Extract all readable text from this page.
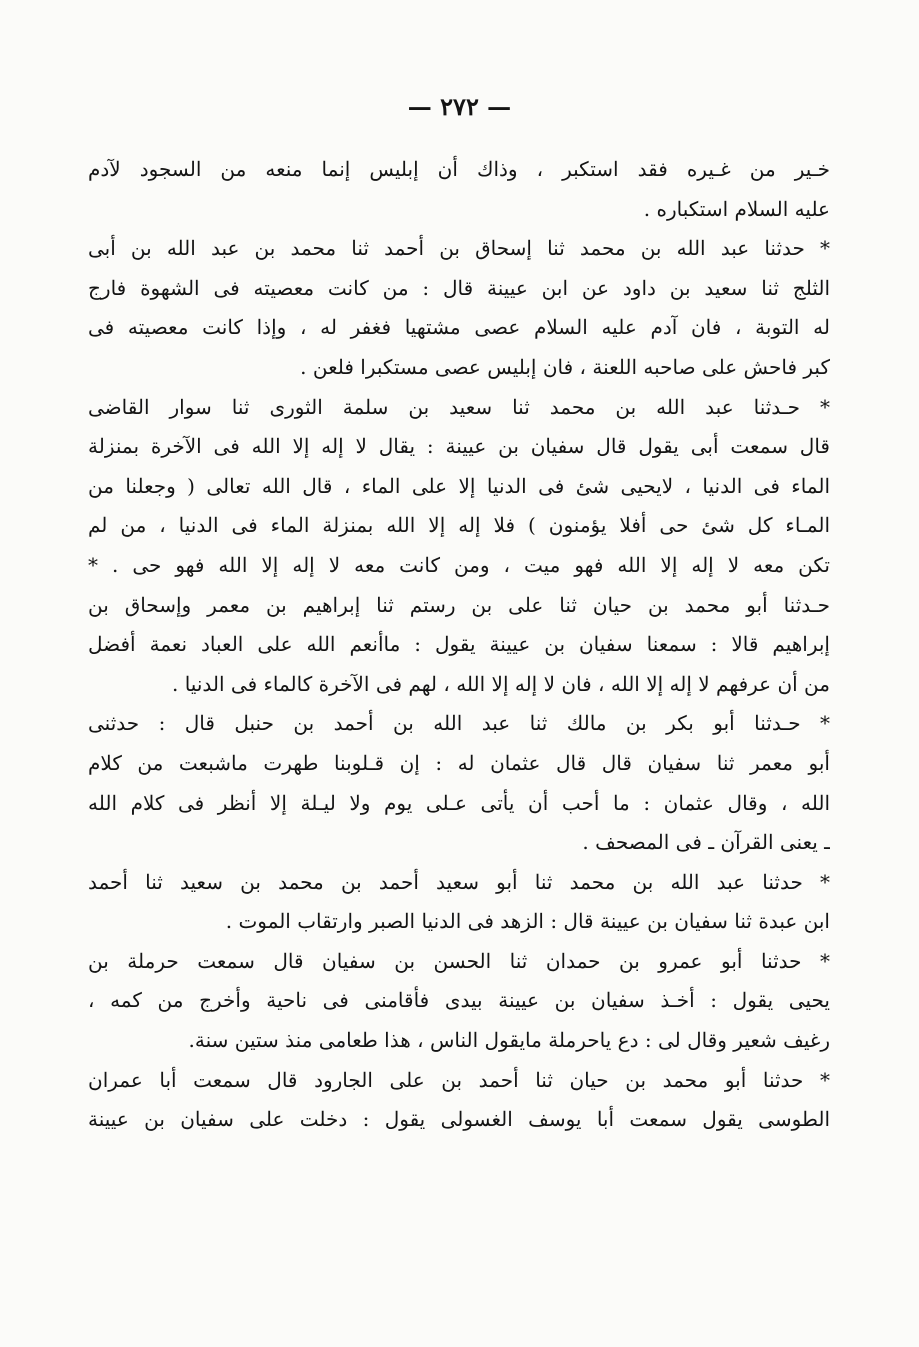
— ٢٧٢ —

خـير من غـيره فقد استكبر ، وذاك أن إبليس إنما منعه من السجود لآدم
عليه السلام استكباره .

* حدثنا عبد الله بن محمد ثنا إسحاق بن أحمد ثنا محمد بن عبد الله بن أبى
الثلج ثنا سعيد بن داود عن ابن عيينة قال : من كانت معصيته فى الشهوة فارج
له التوبة ، فان آدم عليه السلام عصى مشتهيا فغفر له ، وإذا كانت معصيته فى
كبر فاحش على صاحبه اللعنة ، فان إبليس عصى مستكبرا فلعن .

* حـدثنا عبد الله بن محمد ثنا سعيد بن سلمة الثورى ثنا سوار القاضى
قال سمعت أبى يقول قال سفيان بن عيينة : يقال لا إله إلا الله فى الآخرة بمنزلة
الماء فى الدنيا ، لايحيى شئ فى الدنيا إلا على الماء ، قال الله تعالى ( وجعلنا من
المـاء كل شئ حى أفلا يؤمنون ) فلا إله إلا الله بمنزلة الماء فى الدنيا ، من لم
تكن معه لا إله إلا الله فهو ميت ، ومن كانت معه لا إله إلا الله فهو حى . *
حـدثنا أبو محمد بن حيان ثنا على بن رستم ثنا إبراهيم بن معمر وإسحاق بن
إبراهيم قالا : سمعنا سفيان بن عيينة يقول : ماأنعم الله على العباد نعمة أفضل
من أن عرفهم لا إله إلا الله ، فان لا إله إلا الله ، لهم فى الآخرة كالماء فى الدنيا .

* حـدثنا أبو بكر بن مالك ثنا عبد الله بن أحمد بن حنبل قال : حدثنى
أبو معمر ثنا سفيان قال قال عثمان له : إن قـلوبنا طهرت ماشبعت من كلام
الله ، وقال عثمان : ما أحب أن يأتى عـلى يوم ولا ليـلة إلا أنظر فى كلام الله
ـ يعنى القرآن ـ فى المصحف .

* حدثنا عبد الله بن محمد ثنا أبو سعيد أحمد بن محمد بن سعيد ثنا أحمد
ابن عبدة ثنا سفيان بن عيينة قال : الزهد فى الدنيا الصبر وارتقاب الموت .

* حدثنا أبو عمرو بن حمدان ثنا الحسن بن سفيان قال سمعت حرملة بن
يحيى يقول : أخـذ سفيان بن عيينة بيدى فأقامنى فى ناحية وأخرج من كمه ،
رغيف شعير وقال لى : دع ياحرملة مايقول الناس ، هذا طعامى منذ ستين سنة.

* حدثنا أبو محمد بن حيان ثنا أحمد بن على الجارود قال سمعت أبا عمران
الطوسى يقول سمعت أبا يوسف الغسولى يقول : دخلت على سفيان بن عيينة
